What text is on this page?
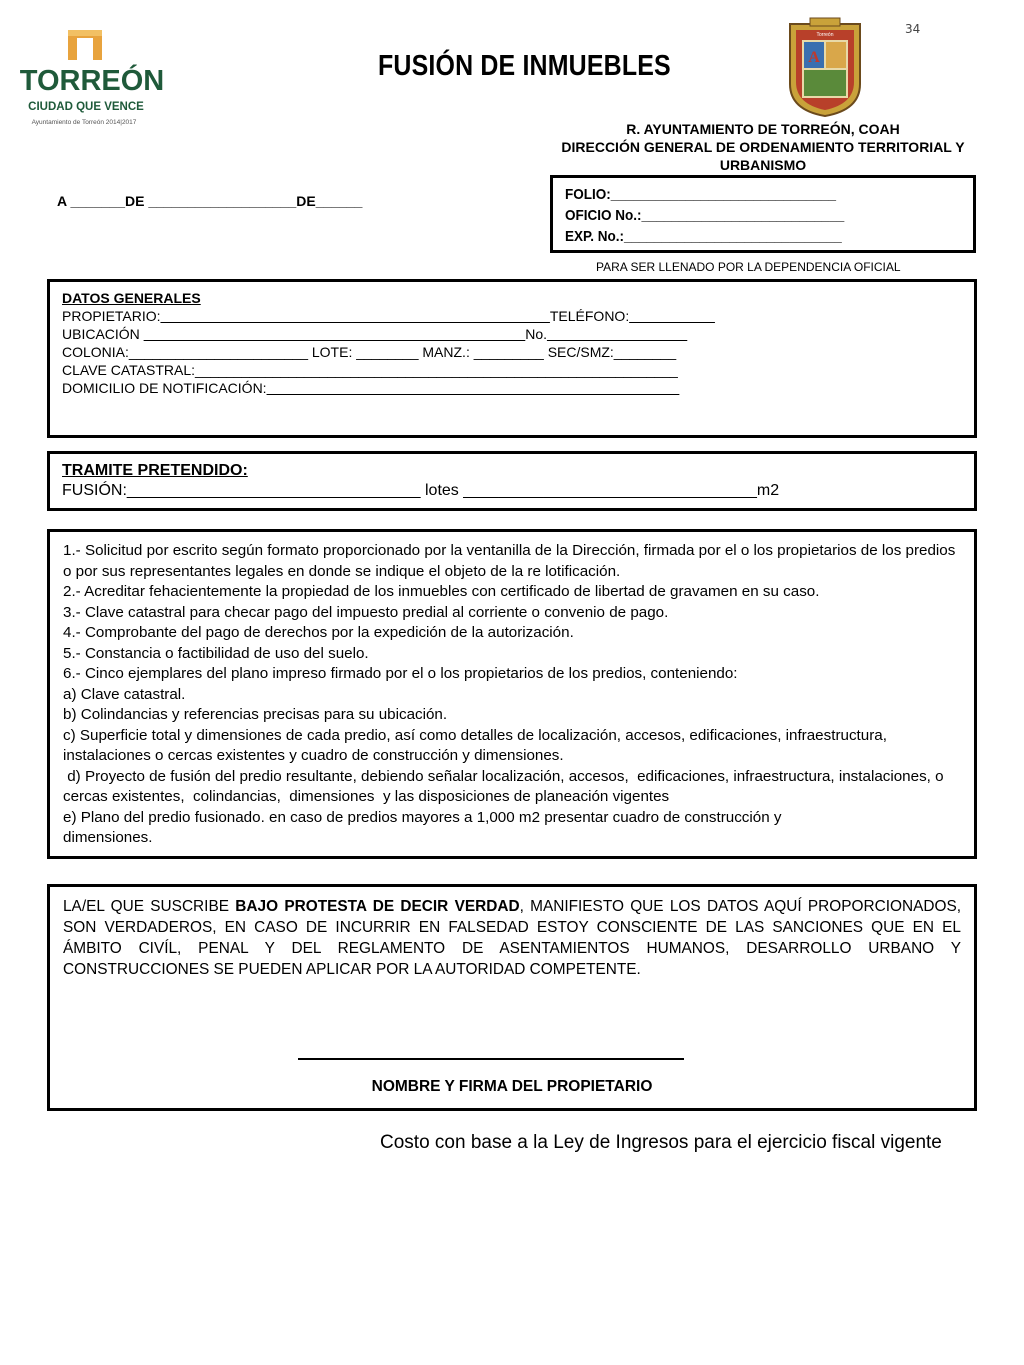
TORREÓN
CIUDAD QUE VENCE
Ayuntamiento de Torreón 2014|2017
34
FUSIÓN DE INMUEBLES	A
Torreón
R. AYUNTAMIENTO DE TORREÓN, COAH
DIRECCIÓN GENERAL DE ORDENAMIENTO TERRITORIAL Y URBANISMO
A _______DE ___________________DE______	FOLIO:______________________________
OFICIO No.:___________________________
EXP. No.:_____________________________
PARA SER LLENADO POR LA DEPENDENCIA OFICIAL
DATOS GENERALES
PROPIETARIO:__________________________________________________TELÉFONO:___________
UBICACIÓN _________________________________________________No.__________________
COLONIA:_______________________ LOTE: ________ MANZ.: _________ SEC/SMZ:________
CLAVE CATASTRAL:______________________________________________________________
DOMICILIO DE NOTIFICACIÓN:_____________________________________________________
TRAMITE PRETENDIDO:
FUSIÓN:_________________________________ lotes _________________________________m2

1.- Solicitud por escrito según formato proporcionado por la ventanilla de la Dirección, firmada por el o los propietarios de los predios o por sus representantes legales en donde se indique el objeto de la re lotificación.

2.- Acreditar fehacientemente la propiedad de los inmuebles con certificado de libertad de gravamen en su caso.

3.- Clave catastral para checar pago del impuesto predial al corriente o convenio de pago.

4.- Comprobante del pago de derechos por la expedición de la autorización.

5.- Constancia o factibilidad de uso del suelo.

6.- Cinco ejemplares del plano impreso firmado por el o los propietarios de los predios, conteniendo:

a) Clave catastral.

b) Colindancias y referencias precisas para su ubicación.

c) Superficie total y dimensiones de cada predio, así como detalles de localización, accesos, edificaciones, infraestructura, instalaciones o cercas existentes y cuadro de construcción y dimensiones.

d) Proyecto de fusión del predio resultante, debiendo señalar localización, accesos,  edificaciones, infraestructura, instalaciones, o cercas existentes,  colindancias,  dimensiones  y las disposiciones de planeación vigentes

e) Plano del predio fusionado. en caso de predios mayores a 1,000 m2 presentar cuadro de construcción y dimensiones.

LA/EL QUE SUSCRIBE BAJO PROTESTA DE DECIR VERDAD, MANIFIESTO QUE LOS DATOS AQUÍ PROPORCIONADOS, SON VERDADEROS, EN CASO DE INCURRIR EN FALSEDAD ESTOY CONSCIENTE DE LAS SANCIONES QUE EN EL ÁMBITO CIVÍL, PENAL Y DEL REGLAMENTO DE ASENTAMIENTOS HUMANOS, DESARROLLO URBANO Y CONSTRUCCIONES SE PUEDEN APLICAR POR LA AUTORIDAD COMPETENTE.
NOMBRE Y FIRMA DEL PROPIETARIO
Costo con base a la Ley de Ingresos para el ejercicio fiscal vigente
